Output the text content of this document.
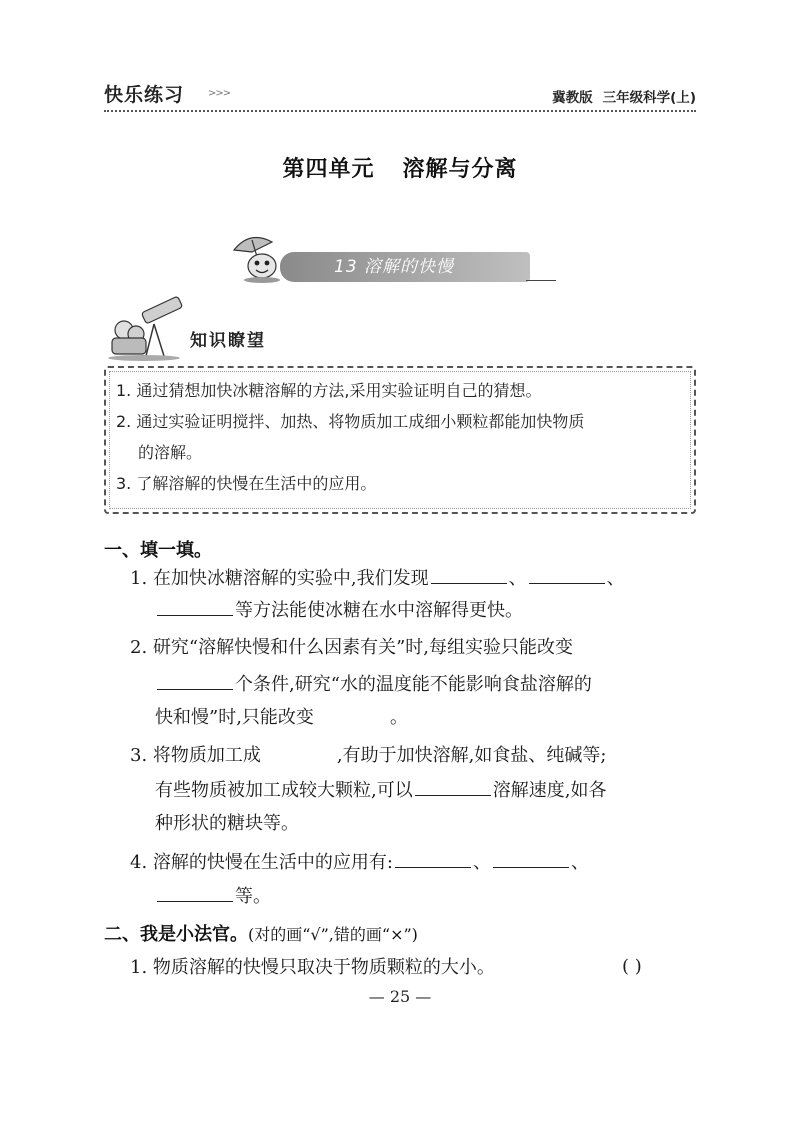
快乐练习 >>>	冀教版 三年级科学(上)
第四单元 溶解与分离
13 溶解的快慢
知识瞭望
1. 通过猜想加快冰糖溶解的方法,采用实验证明自己的猜想。
2. 通过实验证明搅拌、加热、将物质加工成细小颗粒都能加快物质
的溶解。
3. 了解溶解的快慢在生活中的应用。
一、填一填。
1. 在加快冰糖溶解的实验中,我们发现	、	、
等方法能使冰糖在水中溶解得更快。
2. 研究“溶解快慢和什么因素有关”时,每组实验只能改变
个条件,研究“水的温度能不能影响食盐溶解的
快和慢”时,只能改变	。
3. 将物质加工成	,有助于加快溶解,如食盐、纯碱等;
有些物质被加工成较大颗粒,可以	溶解速度,如各
种形状的糖块等。
4. 溶解的快慢在生活中的应用有:	、	、
等。
二、我是小法官。(对的画“√”,错的画“×”)
1. 物质溶解的快慢只取决于物质颗粒的大小。	( )
— 25 —
